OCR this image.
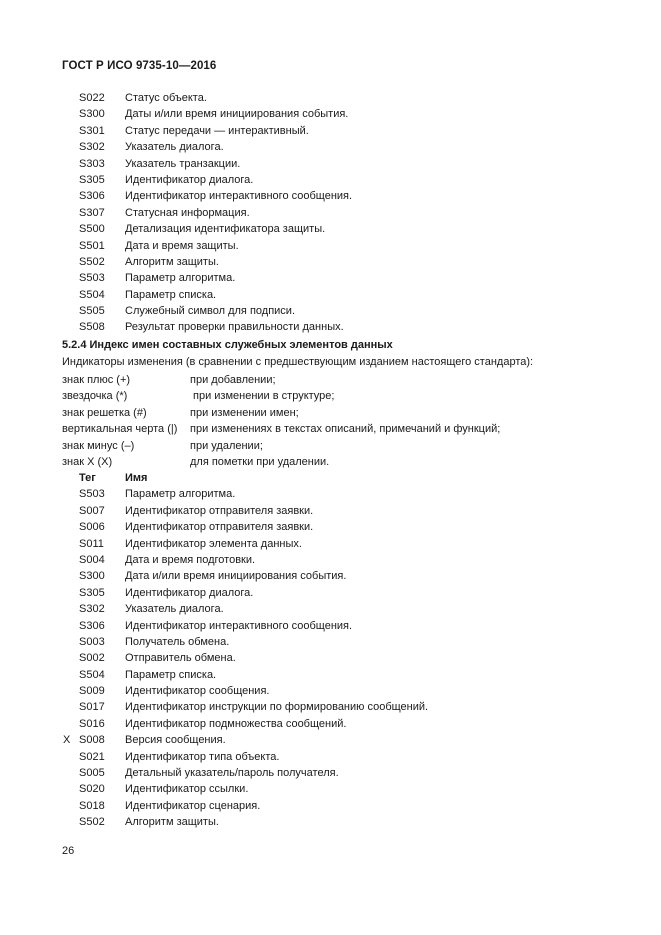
ГОСТ Р ИСО 9735-10—2016
S022 Статус объекта.
S300 Даты и/или время инициирования события.
S301 Статус передачи — интерактивный.
S302 Указатель диалога.
S303 Указатель транзакции.
S305 Идентификатор диалога.
S306 Идентификатор интерактивного сообщения.
S307 Статусная информация.
S500 Детализация идентификатора защиты.
S501 Дата и время защиты.
S502 Алгоритм защиты.
S503 Параметр алгоритма.
S504 Параметр списка.
S505 Служебный символ для подписи.
S508 Результат проверки правильности данных.
5.2.4 Индекс имен составных служебных элементов данных
Индикаторы изменения (в сравнении с предшествующим изданием настоящего стандарта):
знак плюс (+)	при добавлении;
звездочка (*)	при изменении в структуре;
знак решетка (#)	при изменении имен;
вертикальная черта (|) при изменениях в текстах описаний, примечаний и функций;
знак минус (–)	при удалении;
знак X (X)	для пометки при удалении.
Тег	Имя
S503 Параметр алгоритма.
S007 Идентификатор отправителя заявки.
S006 Идентификатор отправителя заявки.
S011 Идентификатор элемента данных.
S004 Дата и время подготовки.
S300 Дата и/или время инициирования события.
S305 Идентификатор диалога.
S302 Указатель диалога.
S306 Идентификатор интерактивного сообщения.
S003 Получатель обмена.
S002 Отправитель обмена.
S504 Параметр списка.
S009 Идентификатор сообщения.
S017 Идентификатор инструкции по формированию сообщений.
S016 Идентификатор подмножества сообщений.
X S008 Версия сообщения.
S021 Идентификатор типа объекта.
S005 Детальный указатель/пароль получателя.
S020 Идентификатор ссылки.
S018 Идентификатор сценария.
S502 Алгоритм защиты.
26
